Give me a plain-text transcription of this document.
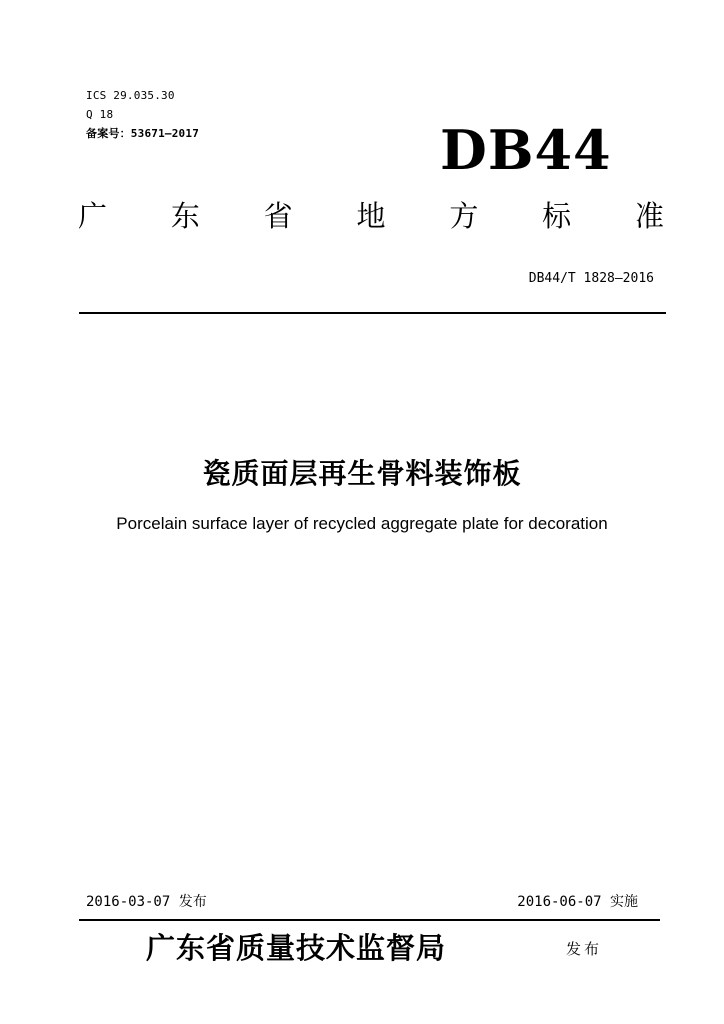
ICS 29.035.30
Q 18
备案号：53671—2017	DB44
广 东 省 地 方 标 准
DB44/T 1828—2016
瓷质面层再生骨料装饰板
Porcelain surface layer of recycled aggregate plate for decoration
2016-03-07 发布	2016-06-07 实施
广东省质量技术监督局	发布
